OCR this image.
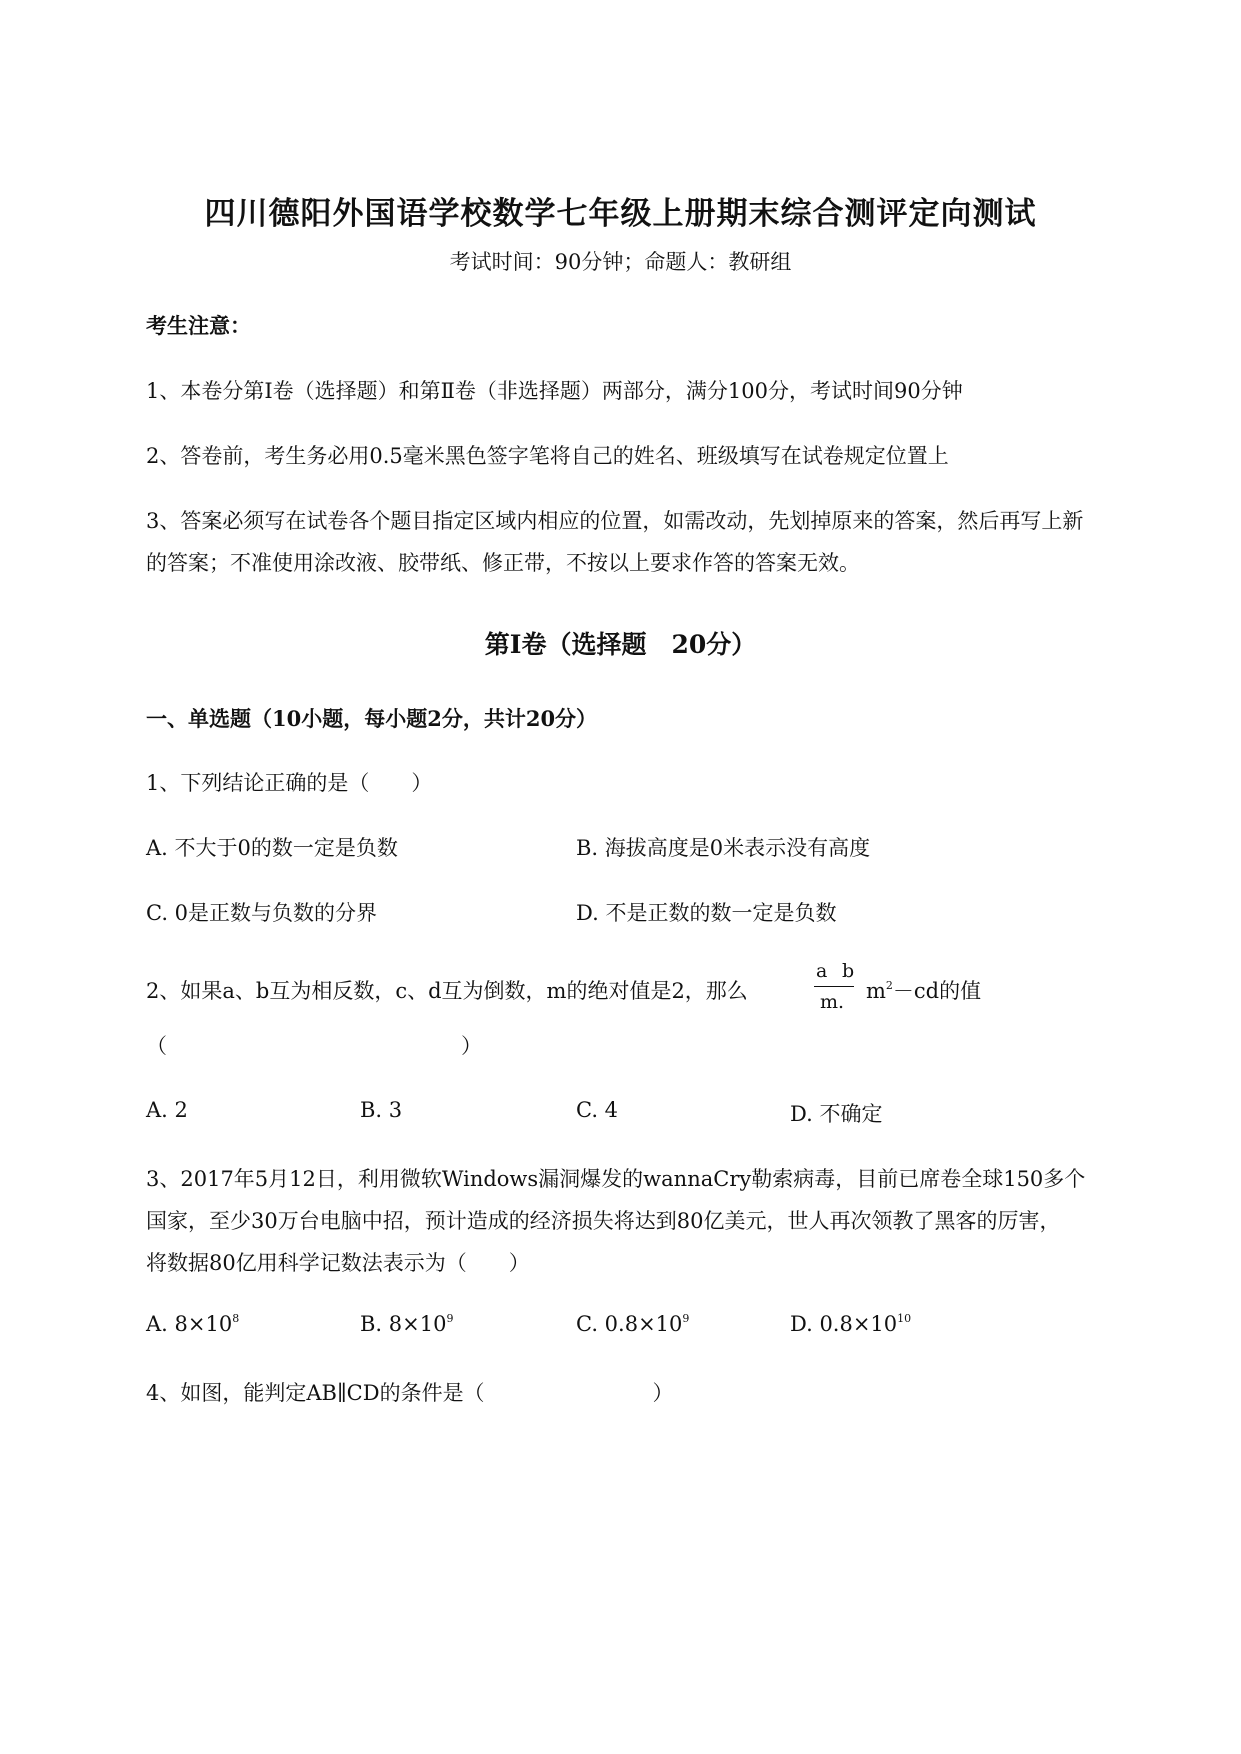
四川德阳外国语学校数学七年级上册期末综合测评定向测试
考试时间：90分钟；命题人：教研组
考生注意：
1、本卷分第I卷（选择题）和第Ⅱ卷（非选择题）两部分，满分100分，考试时间90分钟
2、答卷前，考生务必用0.5毫米黑色签字笔将自己的姓名、班级填写在试卷规定位置上
3、答案必须写在试卷各个题目指定区域内相应的位置，如需改动，先划掉原来的答案，然后再写上新
的答案；不准使用涂改液、胶带纸、修正带，不按以上要求作答的答案无效。
第I卷（选择题　20分）
一、单选题（10小题，每小题2分，共计20分）
1、下列结论正确的是（　　）
A. 不大于0的数一定是负数	B. 海拔高度是0米表示没有高度
C. 0是正数与负数的分界	D. 不是正数的数一定是负数
2、如果a、b互为相反数，c、d互为倒数，m的绝对值是2，那么
a b
m. $m^2-cd$的值
（　　　　　　　　　　　　　　）
A. 2	B. 3	C. 4	D. 不确定
3、2017年5月12日，利用微软Windows漏洞爆发的wannaCry勒索病毒，目前已席卷全球150多个
国家，至少30万台电脑中招，预计造成的经济损失将达到80亿美元，世人再次领教了黑客的厉害，
将数据80亿用科学记数法表示为（　　）
A. $8\times 10^8$	B. $8\times 10^9$	C. $0.8\times 10^9$	D. $0.8\times 10^{10}$
4、如图，能判定AB∥CD的条件是（　　　　　　　　）
